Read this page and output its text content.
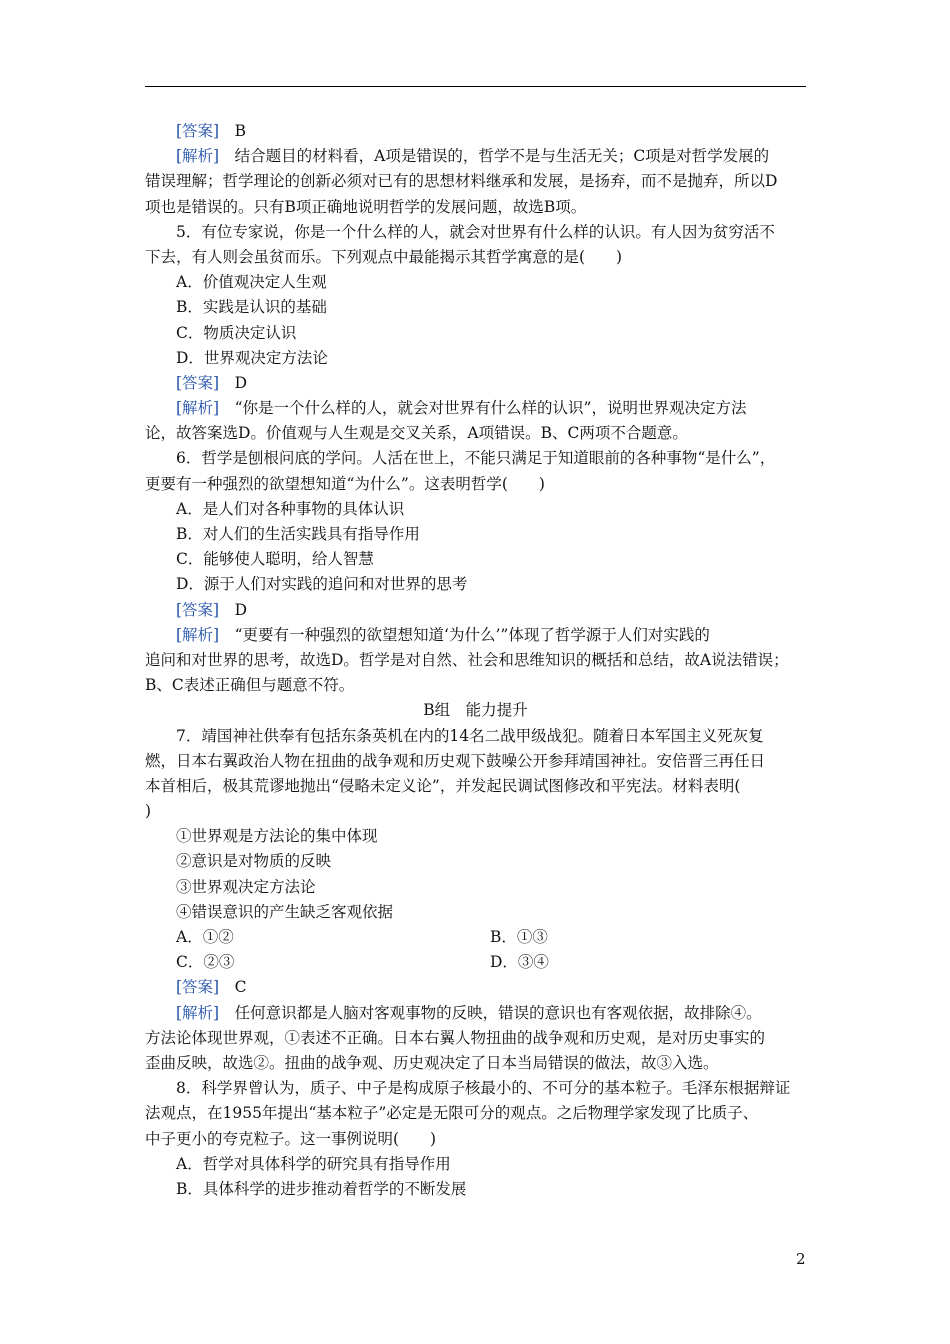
[答案]　 B
[解析]　 结合题目的材料看，A项是错误的，哲学不是与生活无关；C项是对哲学发展的
错误理解；哲学理论的创新必须对已有的思想材料继承和发展，是扬弃，而不是抛弃，所以D
项也是错误的。只有B项正确地说明哲学的发展问题，故选B项。
5．有位专家说，你是一个什么样的人，就会对世界有什么样的认识。有人因为贫穷活不
下去，有人则会虽贫而乐。下列观点中最能揭示其哲学寓意的是(　　)
A．价值观决定人生观
B．实践是认识的基础
C．物质决定认识
D．世界观决定方法论
[答案]　 D
[解析]　 “你是一个什么样的人，就会对世界有什么样的认识”，说明世界观决定方法
论，故答案选D。价值观与人生观是交叉关系，A项错误。B、C两项不合题意。
6．哲学是刨根问底的学问。人活在世上，不能只满足于知道眼前的各种事物“是什么”，
更要有一种强烈的欲望想知道“为什么”。这表明哲学(　　)
A．是人们对各种事物的具体认识
B．对人们的生活实践具有指导作用
C．能够使人聪明，给人智慧
D．源于人们对实践的追问和对世界的思考
[答案]　 D
[解析]　 “更要有一种强烈的欲望想知道‘为什么’”体现了哲学源于人们对实践的
追问和对世界的思考，故选D。哲学是对自然、社会和思维知识的概括和总结，故A说法错误；
B、C表述正确但与题意不符。
B组　能力提升
7．靖国神社供奉有包括东条英机在内的14名二战甲级战犯。随着日本军国主义死灰复
燃，日本右翼政治人物在扭曲的战争观和历史观下鼓噪公开参拜靖国神社。安倍晋三再任日
本首相后，极其荒谬地抛出“侵略未定义论”，并发起民调试图修改和平宪法。材料表明(
)
①世界观是方法论的集中体现
②意识是对物质的反映
③世界观决定方法论
④错误意识的产生缺乏客观依据
A．①②	B．①③
C．②③	D．③④
[答案]　 C
[解析]　 任何意识都是人脑对客观事物的反映，错误的意识也有客观依据，故排除④。
方法论体现世界观，①表述不正确。日本右翼人物扭曲的战争观和历史观，是对历史事实的
歪曲反映，故选②。扭曲的战争观、历史观决定了日本当局错误的做法，故③入选。
8．科学界曾认为，质子、中子是构成原子核最小的、不可分的基本粒子。毛泽东根据辩证
法观点，在1955年提出“基本粒子”必定是无限可分的观点。之后物理学家发现了比质子、
中子更小的夸克粒子。这一事例说明(　　)
A．哲学对具体科学的研究具有指导作用
B．具体科学的进步推动着哲学的不断发展
2
